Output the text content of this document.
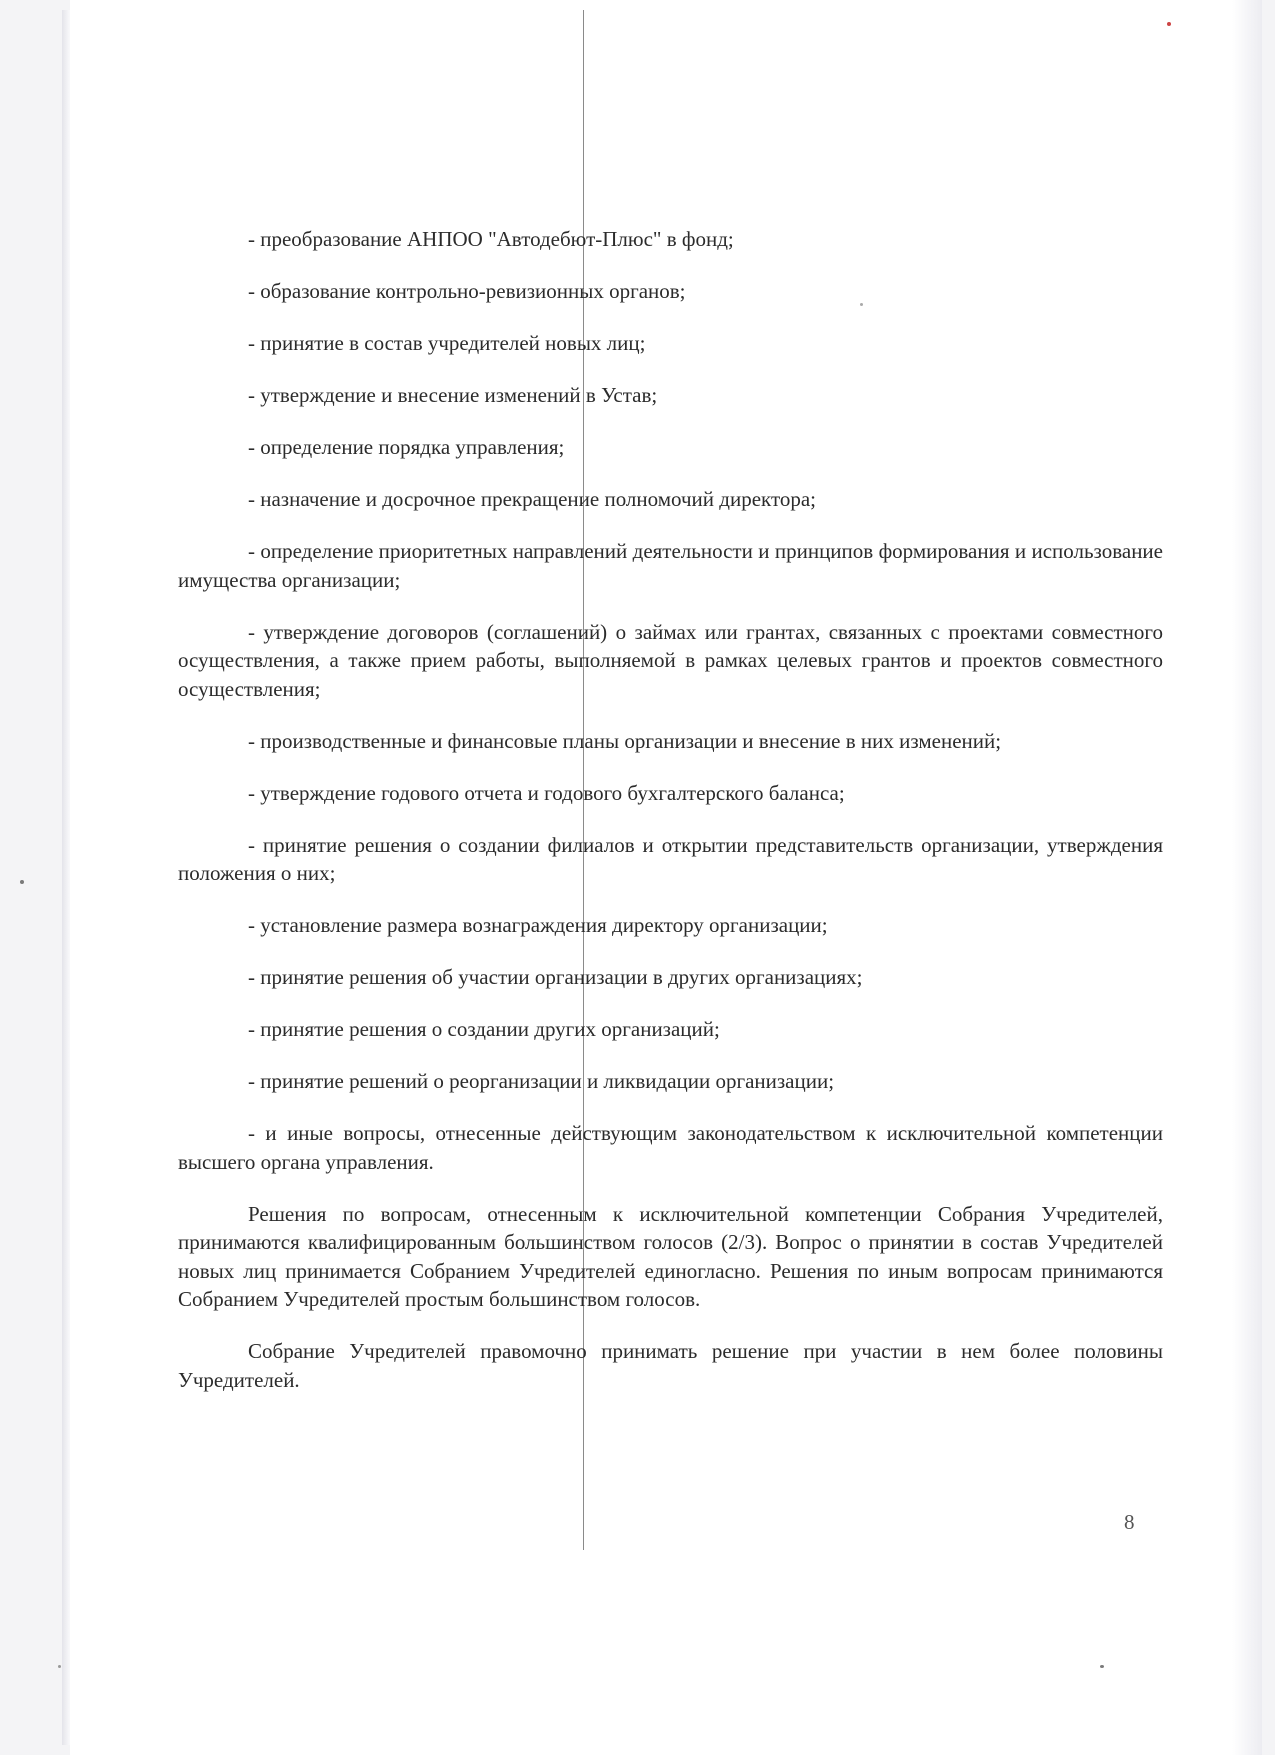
- преобразование АНПОО "Автодебют-Плюс" в фонд;

- образование контрольно-ревизионных органов;

- принятие в состав учредителей новых лиц;

- утверждение и внесение изменений в Устав;

- определение порядка управления;

- назначение и досрочное прекращение полномочий директора;

- определение приоритетных направлений деятельности и принципов формирования и использование имущества организации;

- утверждение договоров (соглашений) о займах или грантах, связанных с проектами совместного осуществления, а также прием работы, выполняемой в рамках целевых грантов и проектов совместного осуществления;

- производственные и финансовые планы организации и внесение в них изменений;

- утверждение годового отчета и годового бухгалтерского баланса;

- принятие решения о создании филиалов и открытии представительств организации, утверждения положения о них;

- установление размера вознаграждения директору организации;

- принятие решения об участии организации в других организациях;

- принятие решения о создании других организаций;

- принятие решений о реорганизации и ликвидации организации;

- и иные вопросы, отнесенные действующим законодательством к исключительной компетенции высшего органа управления.

Решения по вопросам, отнесенным к исключительной компетенции Собрания Учредителей, принимаются квалифицированным большинством голосов (2/3). Вопрос о принятии в состав Учредителей новых лиц принимается Собранием Учредителей единогласно. Решения по иным вопросам принимаются Собранием Учредителей простым большинством голосов.

Собрание Учредителей правомочно принимать решение при участии в нем более половины Учредителей.

8
